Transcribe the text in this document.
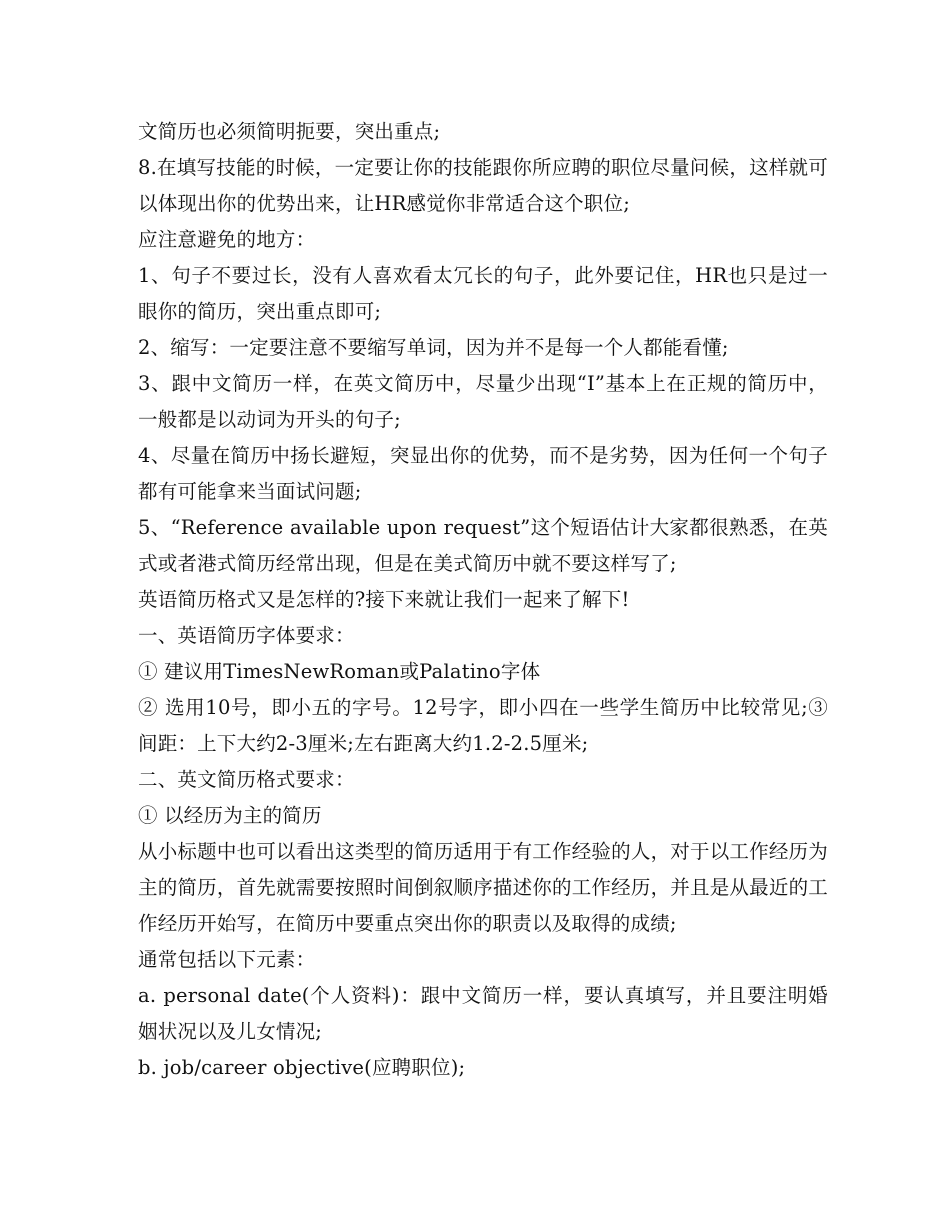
文简历也必须简明扼要，突出重点;

8.在填写技能的时候，一定要让你的技能跟你所应聘的职位尽量问候，这样就可以体现出你的优势出来，让HR感觉你非常适合这个职位;

应注意避免的地方：

1、句子不要过长，没有人喜欢看太冗长的句子，此外要记住，HR也只是过一眼你的简历，突出重点即可;

2、缩写：一定要注意不要缩写单词，因为并不是每一个人都能看懂;

3、跟中文简历一样，在英文简历中，尽量少出现“I”基本上在正规的简历中，一般都是以动词为开头的句子;

4、尽量在简历中扬长避短，突显出你的优势，而不是劣势，因为任何一个句子都有可能拿来当面试问题;

5、“Reference available upon request”这个短语估计大家都很熟悉，在英式或者港式简历经常出现，但是在美式简历中就不要这样写了;

英语简历格式又是怎样的?接下来就让我们一起来了解下!

一、英语简历字体要求：

① 建议用TimesNewRoman或Palatino字体

② 选用10号，即小五的字号。12号字，即小四在一些学生简历中比较常见;③ 间距：上下大约2-3厘米;左右距离大约1.2-2.5厘米;

二、英文简历格式要求：

① 以经历为主的简历

从小标题中也可以看出这类型的简历适用于有工作经验的人，对于以工作经历为主的简历，首先就需要按照时间倒叙顺序描述你的工作经历，并且是从最近的工作经历开始写，在简历中要重点突出你的职责以及取得的成绩;

通常包括以下元素：

a. personal date(个人资料)：跟中文简历一样，要认真填写，并且要注明婚姻状况以及儿女情况;

b. job/career objective(应聘职位);
